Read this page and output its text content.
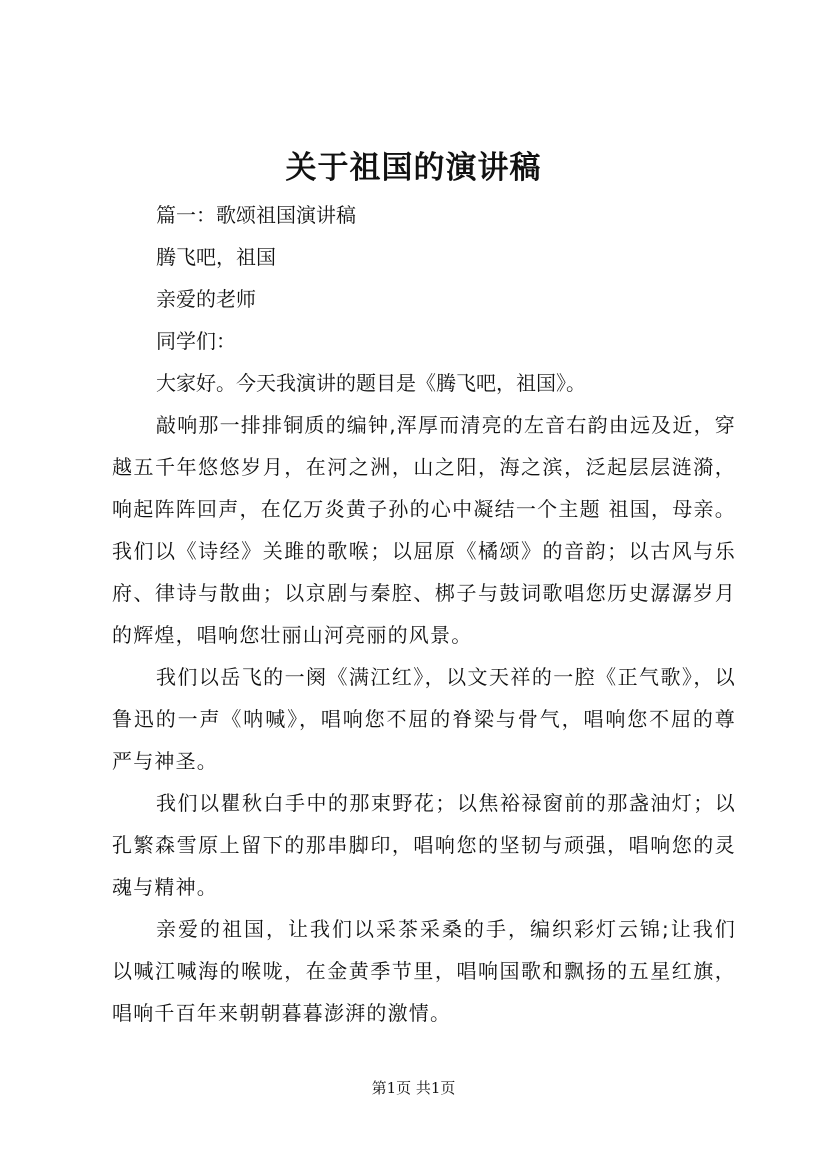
关于祖国的演讲稿

篇一：歌颂祖国演讲稿

腾飞吧，祖国

亲爱的老师

同学们：

大家好。今天我演讲的题目是《腾飞吧，祖国》。

敲响那一排排铜质的编钟,浑厚而清亮的左音右韵由远及近，穿越五千年悠悠岁月，在河之洲，山之阳，海之滨，泛起层层涟漪，响起阵阵回声，在亿万炎黄子孙的心中凝结一个主题 祖国，母亲。我们以《诗经》关雎的歌喉；以屈原《橘颂》的音韵；以古风与乐府、律诗与散曲；以京剧与秦腔、梆子与鼓词歌唱您历史潺潺岁月的辉煌，唱响您壮丽山河亮丽的风景。

我们以岳飞的一阕《满江红》，以文天祥的一腔《正气歌》，以鲁迅的一声《呐喊》，唱响您不屈的脊梁与骨气，唱响您不屈的尊严与神圣。

我们以瞿秋白手中的那束野花；以焦裕禄窗前的那盏油灯；以孔繁森雪原上留下的那串脚印，唱响您的坚韧与顽强，唱响您的灵魂与精神。

亲爱的祖国，让我们以采茶采桑的手，编织彩灯云锦;让我们以喊江喊海的喉咙，在金黄季节里，唱响国歌和飘扬的五星红旗，唱响千百年来朝朝暮暮澎湃的激情。

第1页 共1页
